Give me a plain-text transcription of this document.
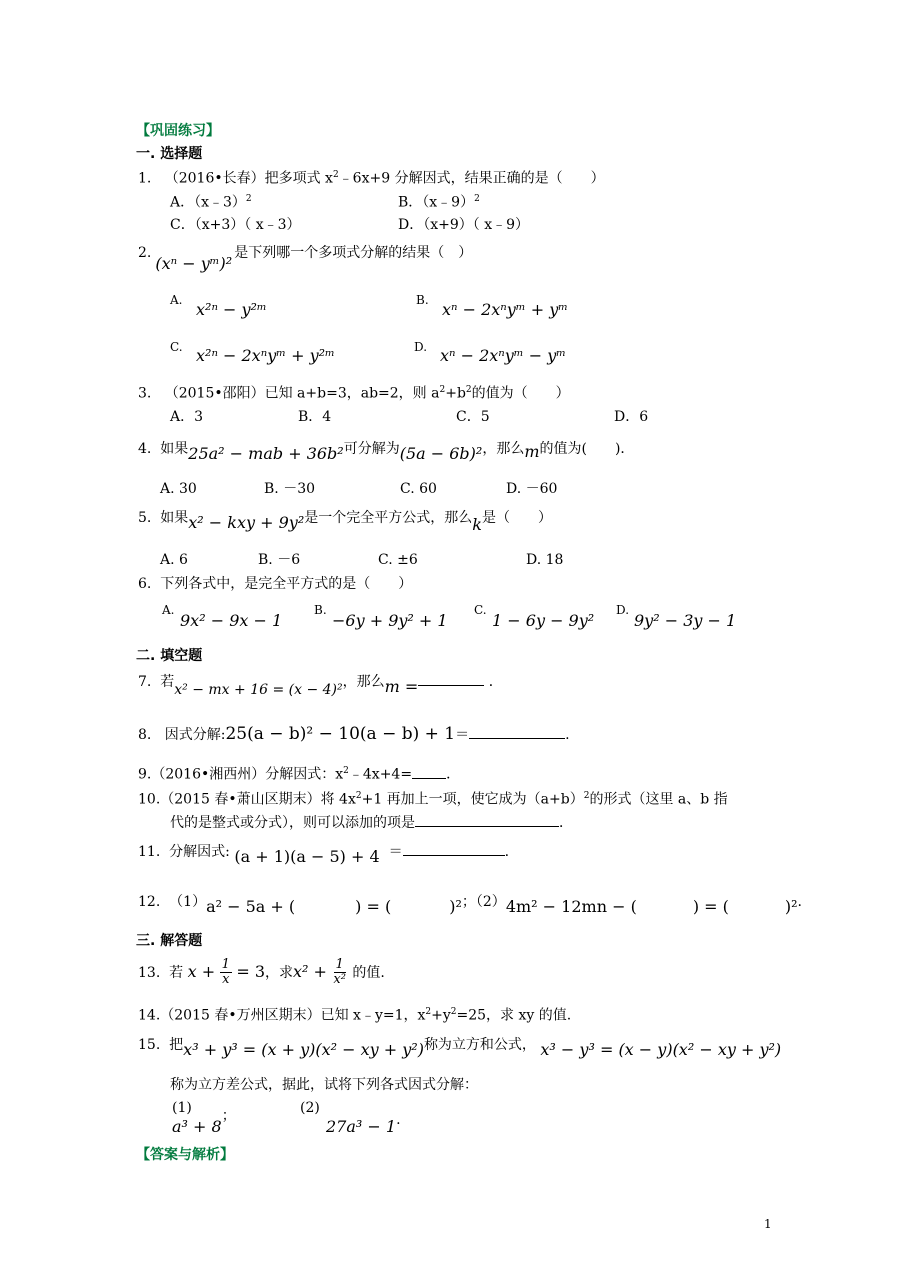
【巩固练习】
一. 选择题
1. （2016•长春）把多项式 $x^2﹣6x+9$ 分解因式，结果正确的是（　　）
A．（x﹣3）$^2$	B．（x﹣9）$^2$
C．（x+3）（ x﹣3）	D．（x+9）（ x﹣9）
2.(xⁿ − yᵐ)²是下列哪一个多项式分解的结果（　）
A. x²ⁿ − y²ᵐ	B. xⁿ − 2xⁿyᵐ + yᵐ
C. x²ⁿ − 2xⁿyᵐ + y²ᵐ	D. xⁿ − 2xⁿyᵐ − yᵐ
3. （2015•邵阳）已知 a+b=3，ab=2，则 $a^2+b^2$的值为（　　）
A．3	B．4	C．5	D．6
4. 如果25a² − mab + 36b²可分解为(5a − 6b)²，那么m的值为(　　)．
A. 30	B. －30	C. 60	D. －60
5. 如果x² − kxy + 9y²是一个完全平方公式，那么k是（　　）
A. 6	B. －6	C. ±6	D. 18
6. 下列各式中，是完全平方式的是（　　）
A.
9x² − 9x − 1
B.
−6y + 9y² + 1
C.
1 − 6y − 9y²
D.
9y² − 3y − 1
二. 填空题
7. 若x² − mx + 16 = (x − 4)²，那么m =	．
8. 因式分解:25(a − b)² − 10(a − b) + 1＝	.
9.（2016•湘西州）分解因式：$x^2﹣4x+4=$ ．
10.（2015 春•萧山区期末）将 $4x^2+1$ 再加上一项，使它成为$(a+b)^2$的形式（这里 a、b 指
代的是整式或分式），则可以添加的项是	．
11. 分解因式: (a + 1)(a − 5) + 4 ＝	.
12. （1）a² − 5a + (	) = (	)²；（2）4m² − 12mn − (	) = (	)².
三. 解答题
13. 若 $x + \frac{1}{x} = 3$，求$x^2 + \frac{1}{\text{x²}}$ 的值.
14.（2015 春•万州区期末）已知 x﹣y=1，$x^2+y^2=25$，求 xy 的值.
15. 把x³ + y³ = (x + y)(x² − xy + y²)称为立方和公式， x³ − y³ = (x − y)(x² − xy + y²)
称为立方差公式，据此，试将下列各式因式分解：
(1)
a³ + 8；	(2)
27a³ − 1.
【答案与解析】
1
